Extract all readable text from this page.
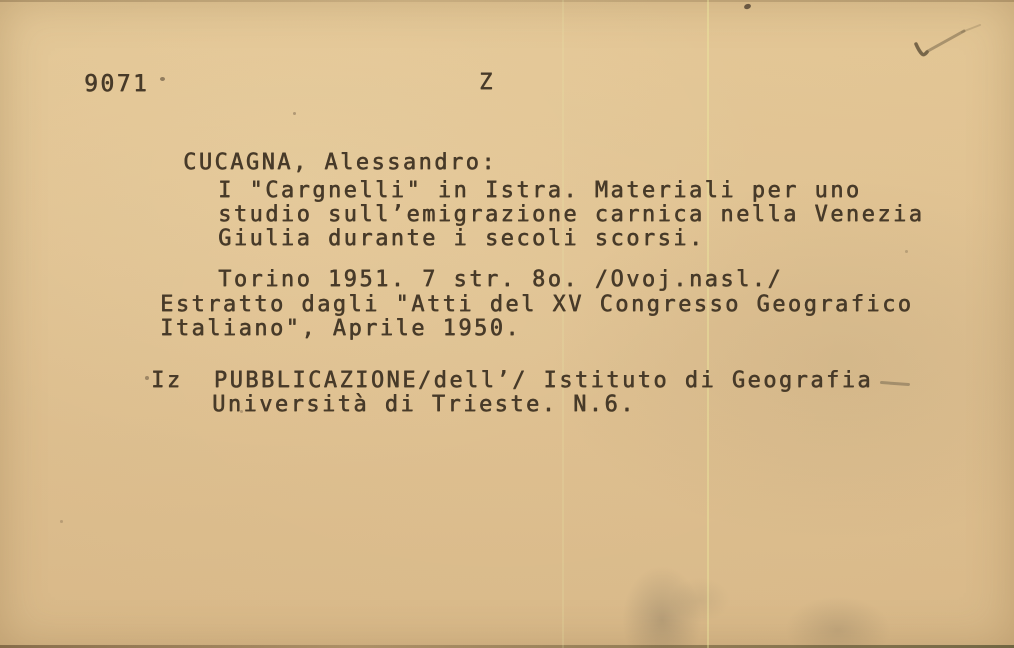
9071	Z
CUCAGNA, Alessandro:
I "Cargnelli" in Istra. Materiali per uno
studio sull’emigrazione carnica nella Venezia
Giulia durante i secoli scorsi.
Torino 1951. 7 str. 8o. /Ovoj.nasl./
Estratto dagli "Atti del XV Congresso Geografico
Italiano", Aprile 1950.
Iz  PUBBLICAZIONE/dell’/ Istituto di Geografia
Università di Trieste. N.6.
